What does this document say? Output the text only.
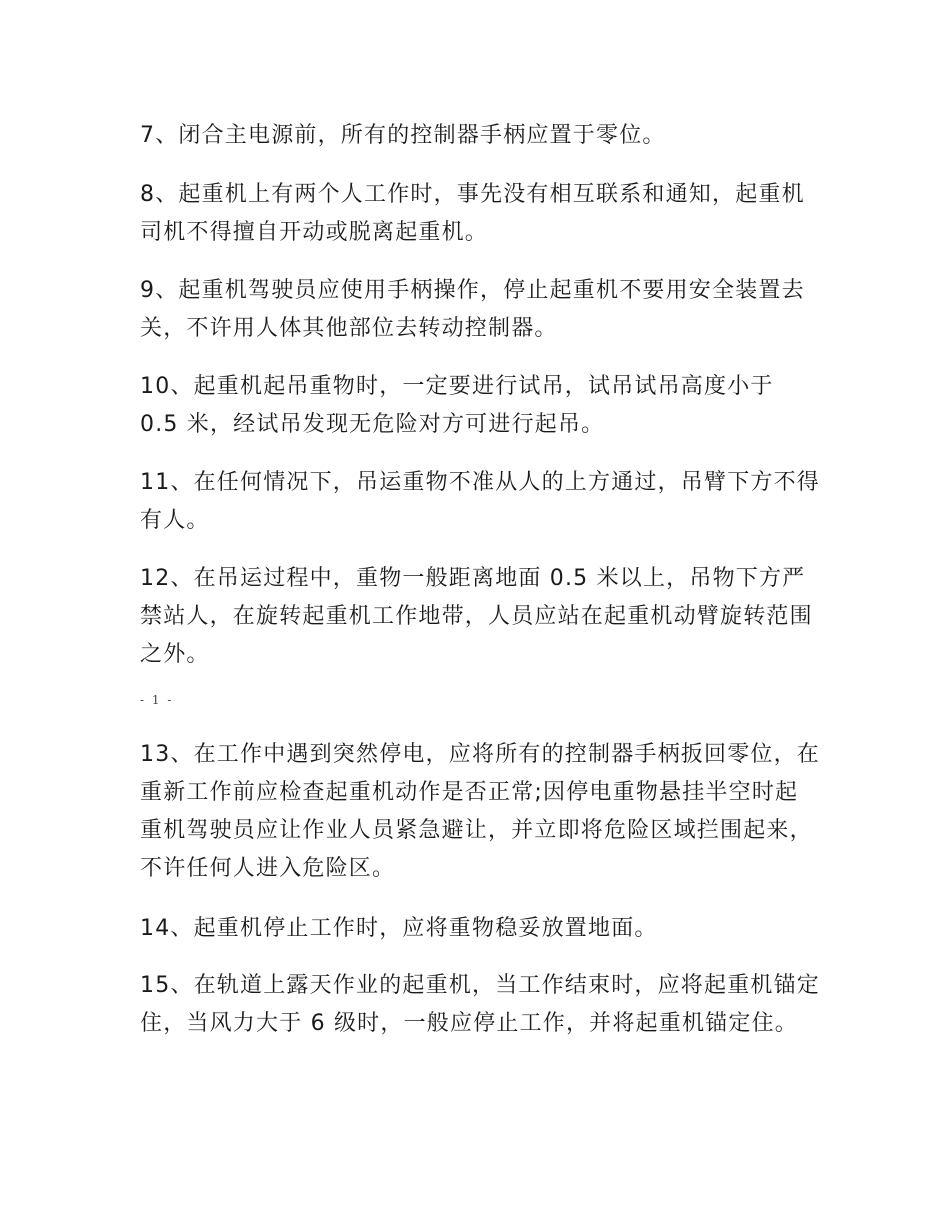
7、闭合主电源前，所有的控制器手柄应置于零位。

8、起重机上有两个人工作时，事先没有相互联系和通知，起重机司机不得擅自开动或脱离起重机。

9、起重机驾驶员应使用手柄操作，停止起重机不要用安全装置去关，不许用人体其他部位去转动控制器。

10、起重机起吊重物时，一定要进行试吊，试吊试吊高度小于 0.5 米，经试吊发现无危险对方可进行起吊。

11、在任何情况下，吊运重物不准从人的上方通过，吊臂下方不得有人。

12、在吊运过程中，重物一般距离地面 0.5 米以上，吊物下方严禁站人，在旋转起重机工作地带，人员应站在起重机动臂旋转范围之外。

- 1 -

13、在工作中遇到突然停电，应将所有的控制器手柄扳回零位，在重新工作前应检查起重机动作是否正常;因停电重物悬挂半空时起重机驾驶员应让作业人员紧急避让，并立即将危险区域拦围起来，不许任何人进入危险区。

14、起重机停止工作时，应将重物稳妥放置地面。

15、在轨道上露天作业的起重机，当工作结束时，应将起重机锚定住，当风力大于 6 级时，一般应停止工作，并将起重机锚定住。
